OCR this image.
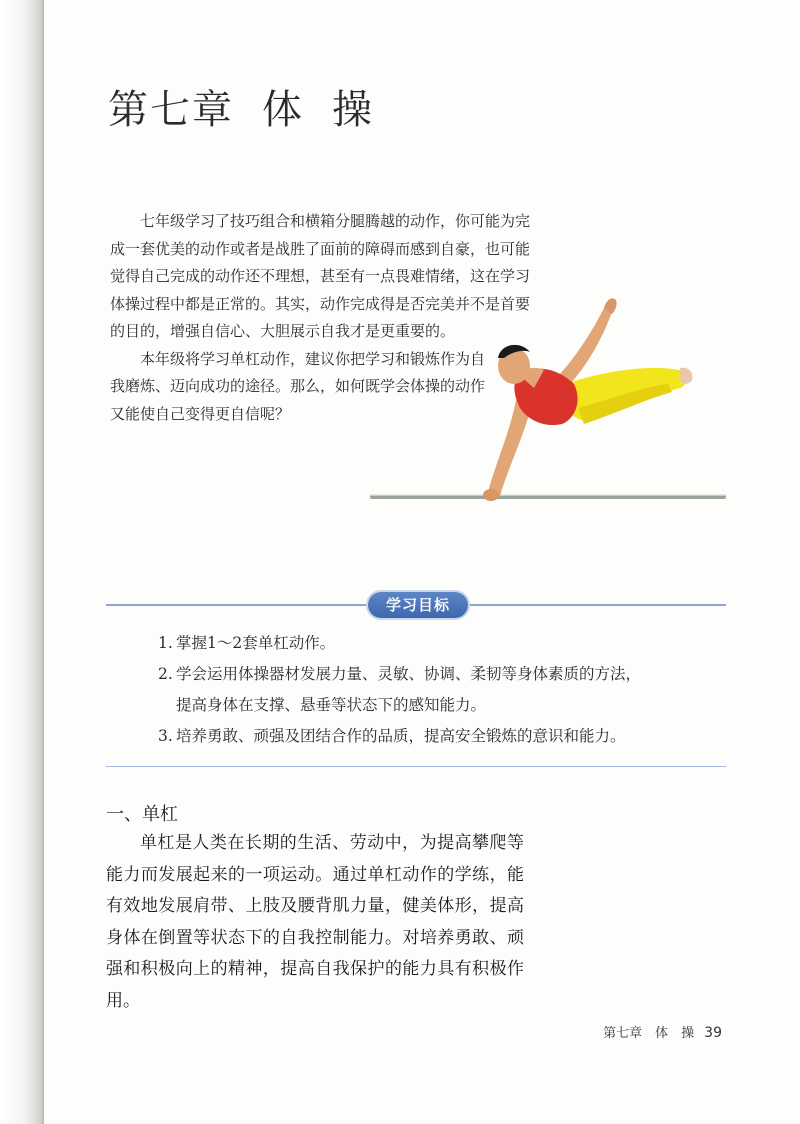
第七章 体 操

七年级学习了技巧组合和横箱分腿腾越的动作，你可能为完成一套优美的动作或者是战胜了面前的障碍而感到自豪，也可能觉得自己完成的动作还不理想，甚至有一点畏难情绪，这在学习体操过程中都是正常的。其实，动作完成得是否完美并不是首要的目的，增强自信心、大胆展示自我才是更重要的。

本年级将学习单杠动作，建议你把学习和锻炼作为自我磨炼、迈向成功的途径。那么，如何既学会体操的动作又能使自己变得更自信呢？

学习目标
1. 掌握1～2套单杠动作。
2. 学会运用体操器材发展力量、灵敏、协调、柔韧等身体素质的方法，
提高身体在支撑、悬垂等状态下的感知能力。
3. 培养勇敢、顽强及团结合作的品质，提高安全锻炼的意识和能力。
一、单杠

单杠是人类在长期的生活、劳动中，为提高攀爬等能力而发展起来的一项运动。通过单杠动作的学练，能有效地发展肩带、上肢及腰背肌力量，健美体形，提高身体在倒置等状态下的自我控制能力。对培养勇敢、顽强和积极向上的精神，提高自我保护的能力具有积极作用。

第七章　体　操 39
